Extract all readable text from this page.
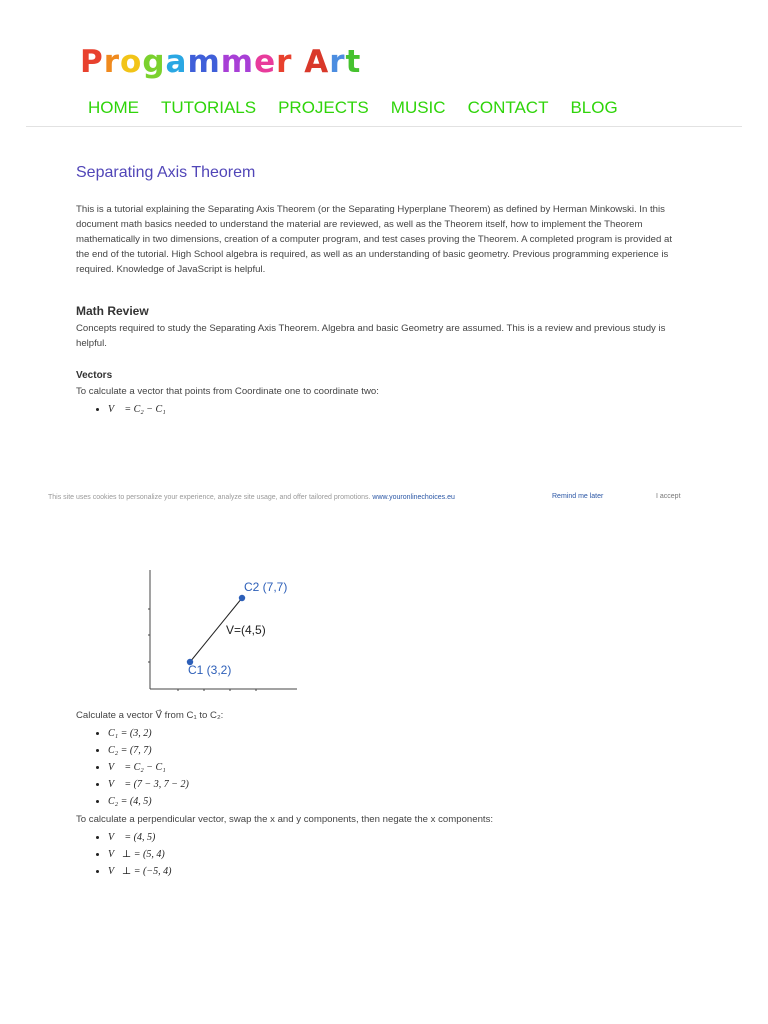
Progammer Art
HOME TUTORIALS PROJECTS MUSIC CONTACT BLOG
Separating Axis Theorem

This is a tutorial explaining the Separating Axis Theorem (or the Separating Hyperplane Theorem) as defined by Herman Minkowski. In this document math basics needed to understand the material are reviewed, as well as the Theorem itself, how to implement the Theorem mathematically in two dimensions, creation of a computer program, and test cases proving the Theorem. A completed program is provided at the end of the tutorial. High School algebra is required, as well as an understanding of basic geometry. Previous programming experience is required. Knowledge of JavaScript is helpful.

Math Review

Concepts required to study the Separating Axis Theorem. Algebra and basic Geometry are assumed. This is a review and previous study is helpful.

Vectors

To calculate a vector that points from Coordinate one to coordinate two:

• V⃗ = C₂ − C₁
This site uses cookies to personalize your experience, analyze site usage, and offer tailored promotions. www.youronlinechoices.eu	Remind me later	I accept
C2 (7,7)
V=(4,5)
C1 (3,2)

Calculate a vector V⃗ from C₁ to C₂:

• C₁ = (3, 2)
• C₂ = (7, 7)
• V⃗ = C₂ − C₁
• V⃗ = (7 − 3, 7 − 2)
• C₂ = (4, 5)

To calculate a perpendicular vector, swap the x and y components, then negate the x components:

• V⃗ = (4, 5)
• V⃗⊥ = (5, 4)
• V⃗⊥ = (−5, 4)
